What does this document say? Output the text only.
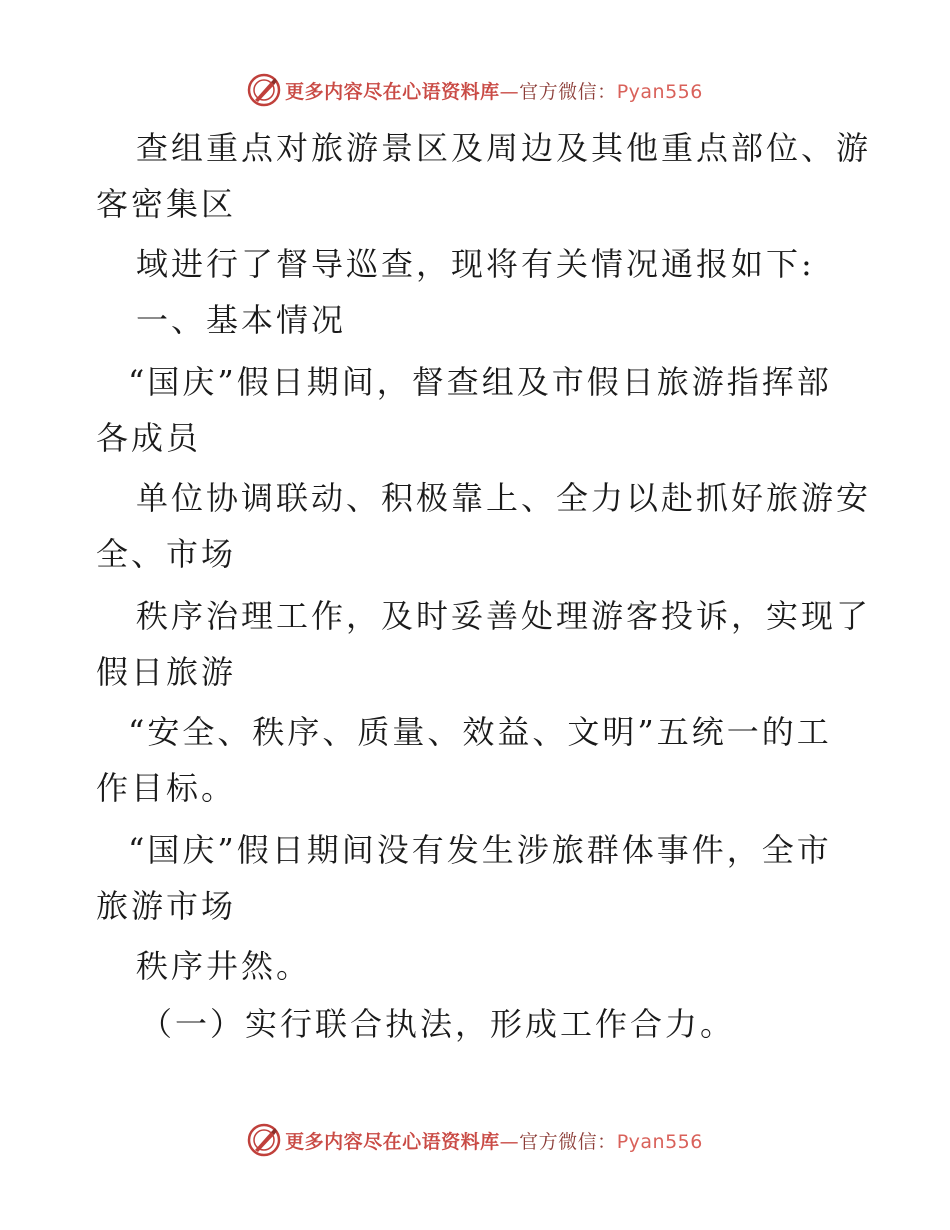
更多内容尽在心语资料库—官方微信：Pyan556
查组重点对旅游景区及周边及其他重点部位、游
客密集区
域进行了督导巡查，现将有关情况通报如下:
一、基本情况
“国庆”假日期间，督查组及市假日旅游指挥部
各成员
单位协调联动、积极靠上、全力以赴抓好旅游安
全、市场
秩序治理工作，及时妥善处理游客投诉，实现了
假日旅游
“安全、秩序、质量、效益、文明”五统一的工
作目标。
“国庆”假日期间没有发生涉旅群体事件，全市
旅游市场
秩序井然。
（一）实行联合执法，形成工作合力。
更多内容尽在心语资料库—官方微信：Pyan556
